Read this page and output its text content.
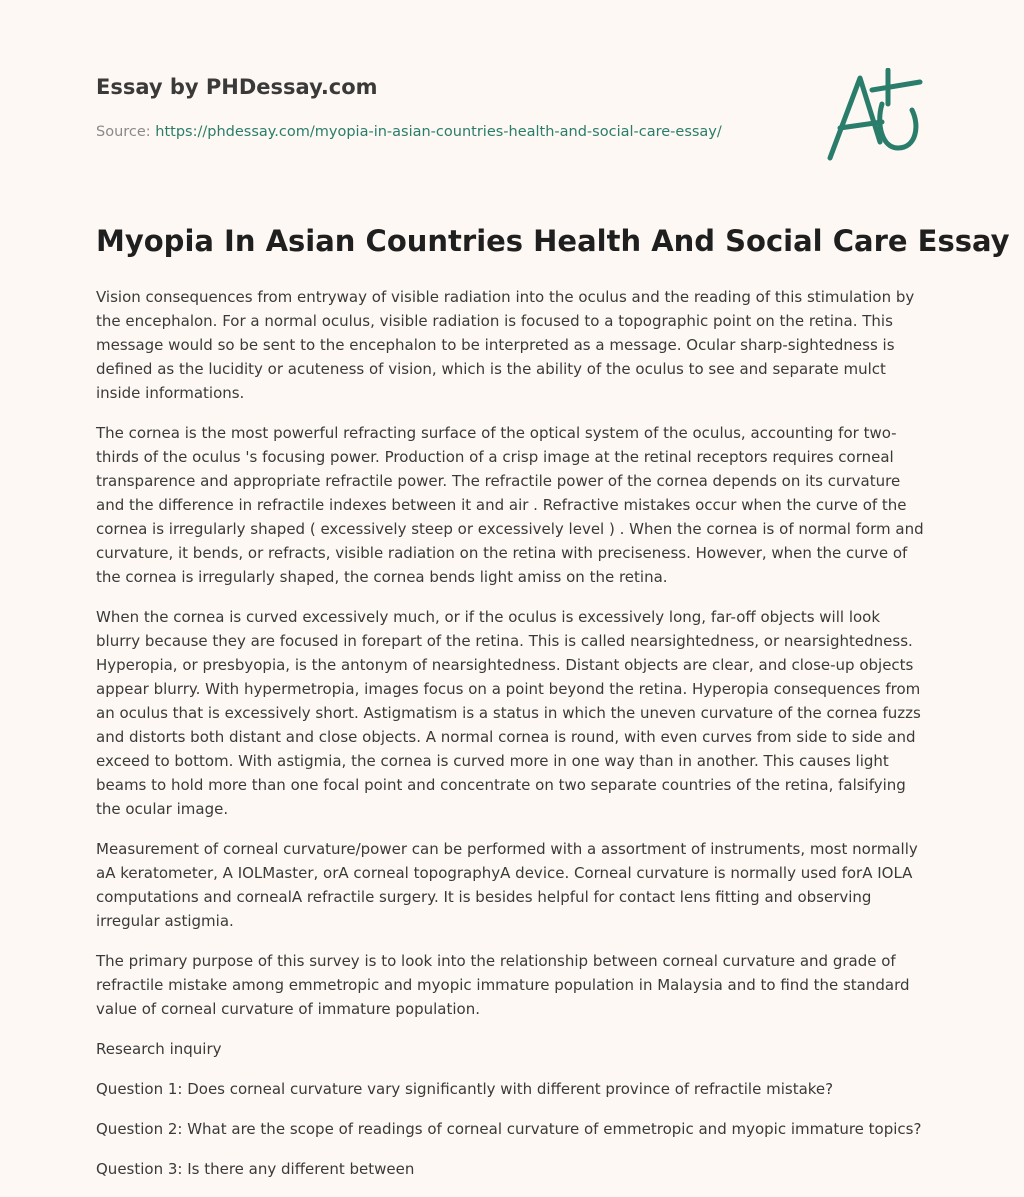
Essay by PHDessay.com
Source: https://phdessay.com/myopia-in-asian-countries-health-and-social-care-essay/
Myopia In Asian Countries Health And Social Care Essay

Vision consequences from entryway of visible radiation into the oculus and the reading of this stimulation by the encephalon. For a normal oculus, visible radiation is focused to a topographic point on the retina. This message would so be sent to the encephalon to be interpreted as a message. Ocular sharp-sightedness is defined as the lucidity or acuteness of vision, which is the ability of the oculus to see and separate mulct inside informations.

The cornea is the most powerful refracting surface of the optical system of the oculus, accounting for two-thirds of the oculus 's focusing power. Production of a crisp image at the retinal receptors requires corneal transparence and appropriate refractile power. The refractile power of the cornea depends on its curvature and the difference in refractile indexes between it and air . Refractive mistakes occur when the curve of the cornea is irregularly shaped ( excessively steep or excessively level ) . When the cornea is of normal form and curvature, it bends, or refracts, visible radiation on the retina with preciseness. However, when the curve of the cornea is irregularly shaped, the cornea bends light amiss on the retina.

When the cornea is curved excessively much, or if the oculus is excessively long, far-off objects will look blurry because they are focused in forepart of the retina. This is called nearsightedness, or nearsightedness. Hyperopia, or presbyopia, is the antonym of nearsightedness. Distant objects are clear, and close-up objects appear blurry. With hypermetropia, images focus on a point beyond the retina. Hyperopia consequences from an oculus that is excessively short. Astigmatism is a status in which the uneven curvature of the cornea fuzzs and distorts both distant and close objects. A normal cornea is round, with even curves from side to side and exceed to bottom. With astigmia, the cornea is curved more in one way than in another. This causes light beams to hold more than one focal point and concentrate on two separate countries of the retina, falsifying the ocular image.

Measurement of corneal curvature/power can be performed with a assortment of instruments, most normally aA keratometer, A IOLMaster, orA corneal topographyA device. Corneal curvature is normally used forA IOLA computations and cornealA refractile surgery. It is besides helpful for contact lens fitting and observing irregular astigmia.

The primary purpose of this survey is to look into the relationship between corneal curvature and grade of refractile mistake among emmetropic and myopic immature population in Malaysia and to find the standard value of corneal curvature of immature population.

Research inquiry

Question 1: Does corneal curvature vary significantly with different province of refractile mistake?

Question 2: What are the scope of readings of corneal curvature of emmetropic and myopic immature topics?

Question 3: Is there any different between
